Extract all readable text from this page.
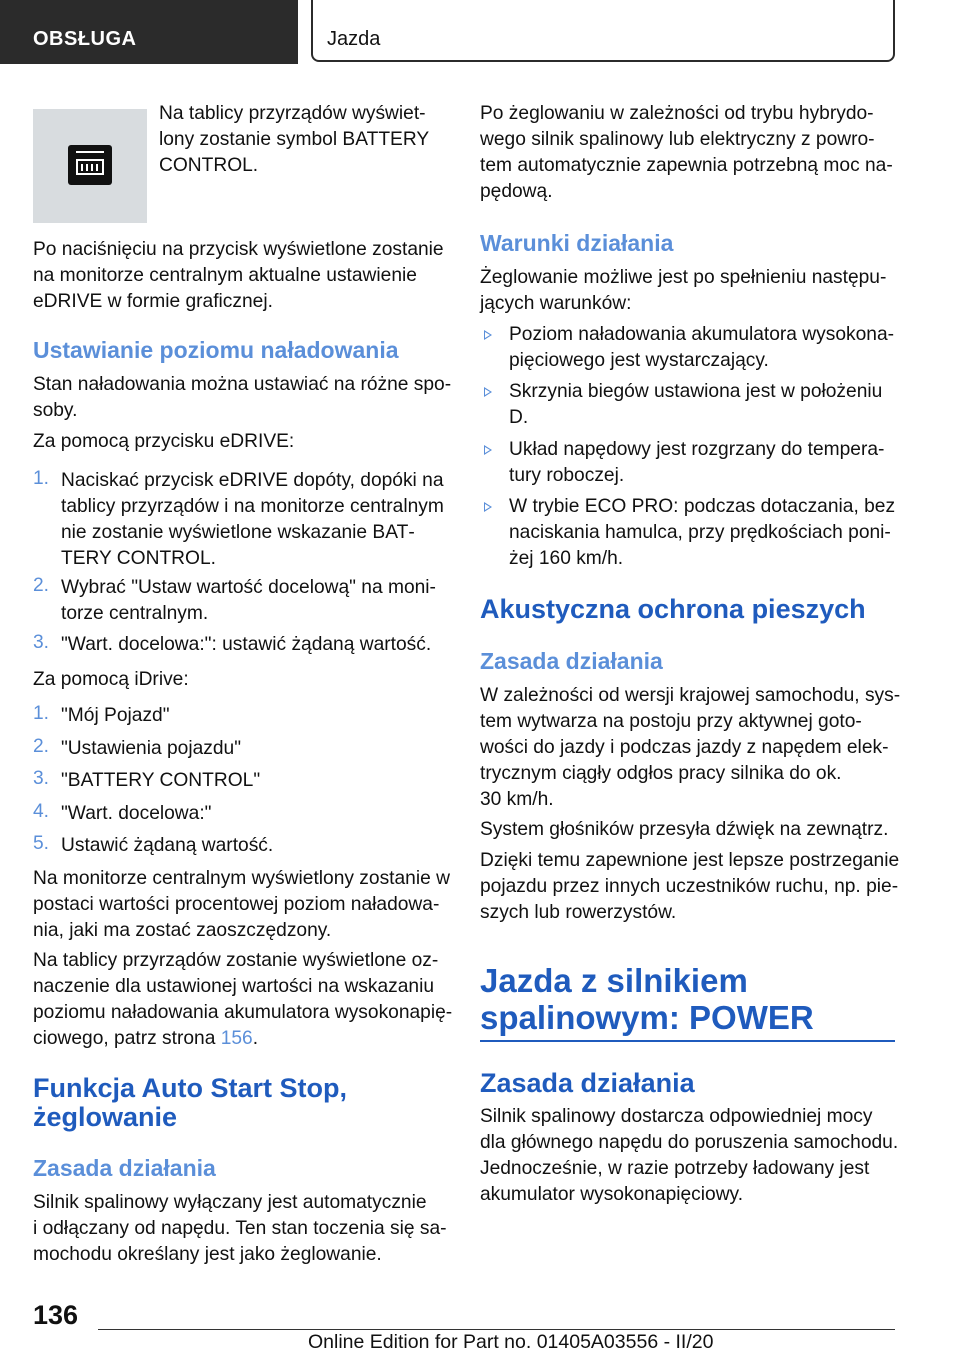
OBSŁUGA	Jazda
136
Online Edition for Part no. 01405A03556 - II/20
Na tablicy przyrządów wyświet-
lony zostanie symbol BATTERY
CONTROL.
Po naciśnięciu na przycisk wyświetlone zostanie
na monitorze centralnym aktualne ustawienie
eDRIVE w formie graficznej.
Ustawianie poziomu naładowania
Stan naładowania można ustawiać na różne spo-
soby.
Za pomocą przycisku eDRIVE:
1. Naciskać przycisk eDRIVE dopóty, dopóki na
tablicy przyrządów i na monitorze centralnym
nie zostanie wyświetlone wskazanie BAT‐
TERY CONTROL.
2. Wybrać "Ustaw wartość docelową" na moni-
torze centralnym.
3. "Wart. docelowa:": ustawić żądaną wartość.
Za pomocą iDrive:
1. "Mój Pojazd"
2. "Ustawienia pojazdu"
3. "BATTERY CONTROL"
4. "Wart. docelowa:"
5. Ustawić żądaną wartość.
Na monitorze centralnym wyświetlony zostanie w
postaci wartości procentowej poziom naładowa-
nia, jaki ma zostać zaoszczędzony.
Na tablicy przyrządów zostanie wyświetlone oz-
naczenie dla ustawionej wartości na wskazaniu
poziomu naładowania akumulatora wysokonapię-
ciowego, patrz strona 156.
Funkcja Auto Start Stop,
żeglowanie
Zasada działania
Silnik spalinowy wyłączany jest automatycznie
i odłączany od napędu. Ten stan toczenia się sa-
mochodu określany jest jako żeglowanie.
Po żeglowaniu w zależności od trybu hybrydo-
wego silnik spalinowy lub elektryczny z powro-
tem automatycznie zapewnia potrzebną moc na-
pędową.
Warunki działania
Żeglowanie możliwe jest po spełnieniu następu-
jących warunków:
Poziom naładowania akumulatora wysokona-
pięciowego jest wystarczający.
Skrzynia biegów ustawiona jest w położeniu
D.
Układ napędowy jest rozgrzany do tempera-
tury roboczej.
W trybie ECO PRO: podczas dotaczania, bez
naciskania hamulca, przy prędkościach poni-
żej 160 km/h.
Akustyczna ochrona pieszych
Zasada działania
W zależności od wersji krajowej samochodu, sys-
tem wytwarza na postoju przy aktywnej goto-
wości do jazdy i podczas jazdy z napędem elek-
trycznym ciągły odgłos pracy silnika do ok.
30 km/h.
System głośników przesyła dźwięk na zewnątrz.
Dzięki temu zapewnione jest lepsze postrzeganie
pojazdu przez innych uczestników ruchu, np. pie-
szych lub rowerzystów.
Jazda z silnikiem
spalinowym: POWER
Zasada działania
Silnik spalinowy dostarcza odpowiedniej mocy
dla głównego napędu do poruszenia samochodu.
Jednocześnie, w razie potrzeby ładowany jest
akumulator wysokonapięciowy.
